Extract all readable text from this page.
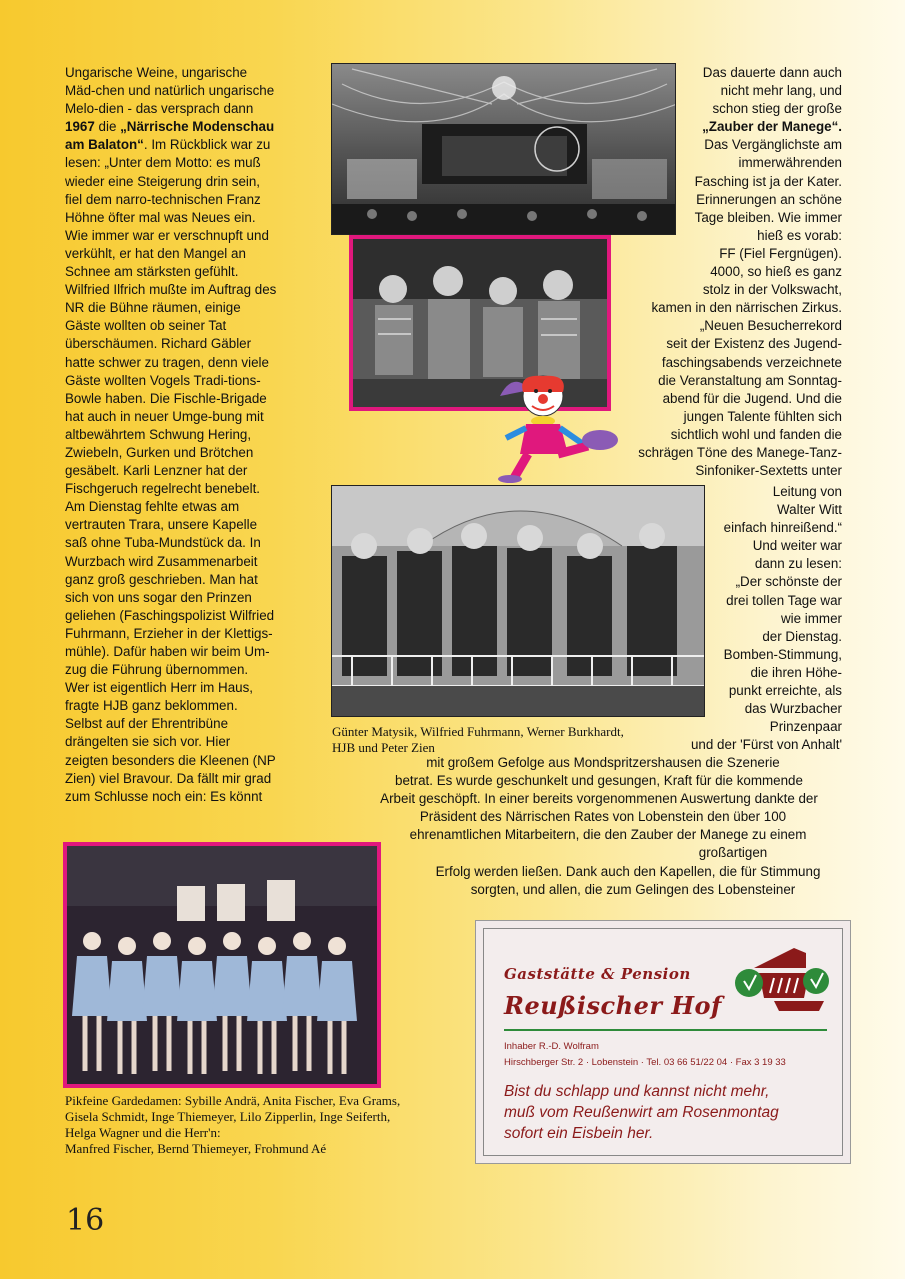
Ungarische Weine, ungarische
Mäd-chen und natürlich ungarische
Melo-dien - das versprach dann
1967 die „Närrische Modenschau
am Balaton“. Im Rückblick war zu
lesen: „Unter dem Motto: es muß
wieder eine Steigerung drin sein,
fiel dem narro-technischen Franz
Höhne öfter mal was Neues ein.
Wie immer war er verschnupft und
verkühlt, er hat den Mangel an
Schnee am stärksten gefühlt.
Wilfried Ilfrich mußte im Auftrag des
NR die Bühne räumen, einige
Gäste wollten ob seiner Tat
überschäumen. Richard Gäbler
hatte schwer zu tragen, denn viele
Gäste wollten Vogels Tradi-tions-
Bowle haben. Die Fischle-Brigade
hat auch in neuer Umge-bung mit
altbewährtem Schwung Hering,
Zwiebeln, Gurken und Brötchen
gesäbelt. Karli Lenzner hat der
Fischgeruch regelrecht benebelt.
Am Dienstag fehlte etwas am
vertrauten Trara, unsere Kapelle
saß ohne Tuba-Mundstück da. In
Wurzbach wird Zusammenarbeit
ganz groß geschrieben. Man hat
sich von uns sogar den Prinzen
geliehen (Faschingspolizist Wilfried
Fuhrmann, Erzieher in der Klettigs-
mühle). Dafür haben wir beim Um-
zug die Führung übernommen.
Wer ist eigentlich Herr im Haus,
fragte HJB ganz beklommen.
Selbst auf der Ehrentribüne
drängelten sie sich vor. Hier
zeigten besonders die Kleenen (NP
Zien) viel Bravour. Da fällt mir grad
zum Schlusse noch ein: Es könnt
Das dauerte dann auch
nicht mehr lang, und
schon stieg der große
„Zauber der Manege“.
Das Vergänglichste am
immerwährenden
Fasching ist ja der Kater.
Erinnerungen an schöne
Tage bleiben. Wie immer
hieß es vorab:
FF (Fiel Fergnügen).
4000, so hieß es ganz
stolz in der Volkswacht,
kamen in den närrischen Zirkus.
„Neuen Besucherrekord
seit der Existenz des Jugend-
faschingsabends verzeichnete
die Veranstaltung am Sonntag-
abend für die Jugend. Und die
jungen Talente fühlten sich
sichtlich wohl und fanden die
schrägen Töne des Manege-Tanz-
Sinfoniker-Sextetts unter
Leitung von
Walter Witt
einfach hinreißend.“
Und weiter war
dann zu lesen:
„Der schönste der
drei tollen Tage war
wie immer
der Dienstag.
Bomben-Stimmung,
die ihren Höhe-
punkt erreichte, als
das Wurzbacher
Prinzenpaar
und der 'Fürst von Anhalt'
Günter Matysik, Wilfried Fuhrmann, Werner Burkhardt,
HJB und Peter Zien
mit großem Gefolge aus Mondspritzershausen die Szenerie
betrat. Es wurde geschunkelt und gesungen, Kraft für die kommende
Arbeit geschöpft. In einer bereits vorgenommenen Auswertung dankte der
Präsident des Närrischen Rates von Lobenstein den über 100
ehrenamtlichen Mitarbeitern, die den Zauber der Manege zu einem
großartigen
Erfolg werden ließen. Dank auch den Kapellen, die für Stimmung
sorgten, und allen, die zum Gelingen des Lobensteiner
Pikfeine Gardedamen: Sybille Andrä, Anita Fischer, Eva Grams,
Gisela Schmidt, Inge Thiemeyer, Lilo Zipperlin, Inge Seiferth,
Helga Wagner und die Herr'n:
Manfred Fischer, Bernd Thiemeyer, Frohmund Aé
Gaststätte & Pension
Reußischer Hof
Inhaber R.-D. Wolfram
Hirschberger Str. 2 · Lobenstein · Tel. 03 66 51/22 04 · Fax 3 19 33
Bist du schlapp und kannst nicht mehr,
muß vom Reußenwirt am Rosenmontag
sofort ein Eisbein her.
16
